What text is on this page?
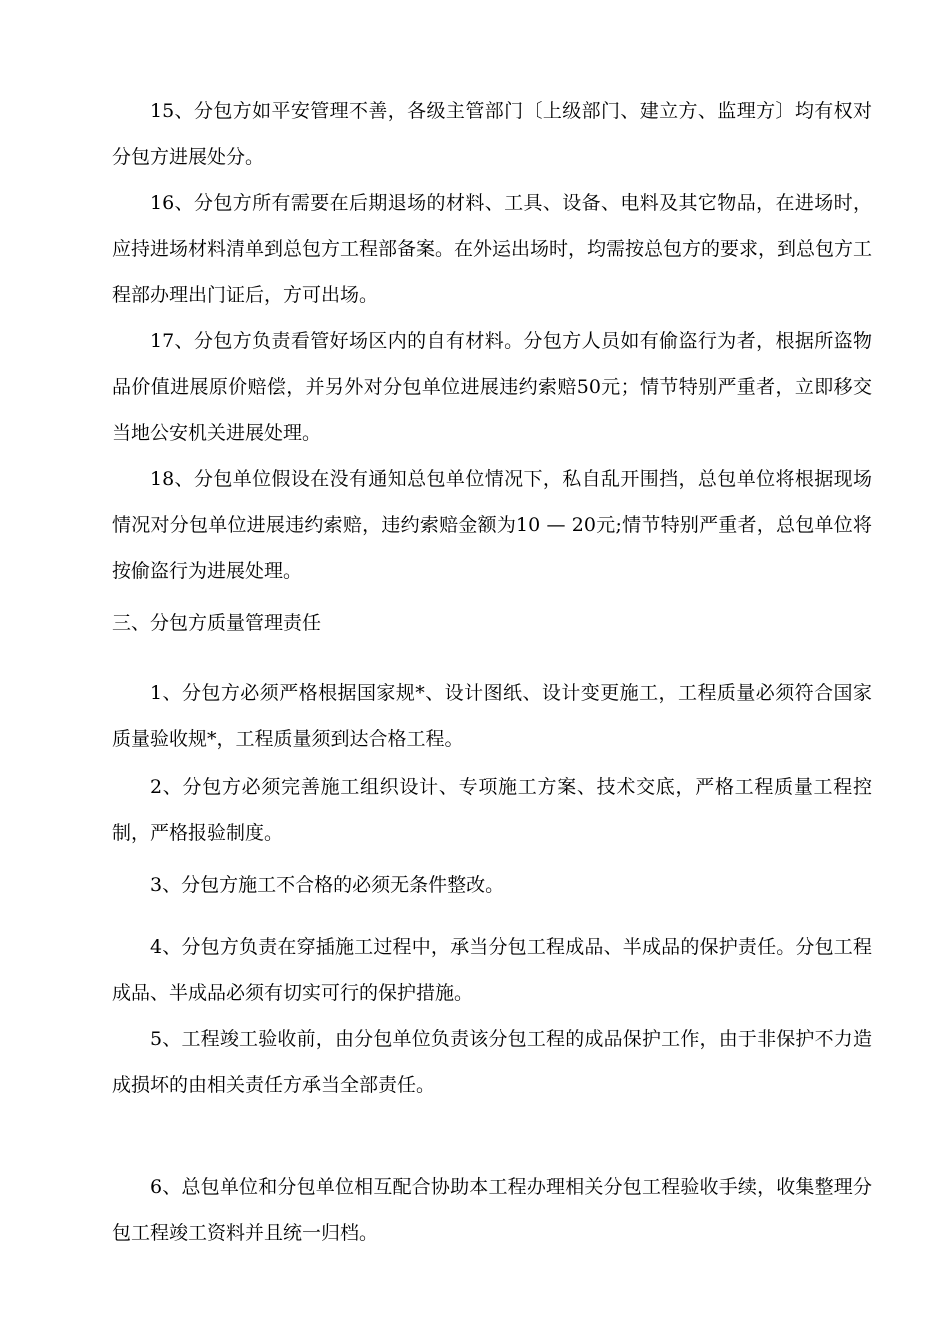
15、分包方如平安管理不善，各级主管部门〔上级部门、建立方、监理方〕均有权对分包方进展处分。

16、分包方所有需要在后期退场的材料、工具、设备、电料及其它物品，在进场时，应持进场材料清单到总包方工程部备案。在外运出场时，均需按总包方的要求，到总包方工程部办理出门证后，方可出场。

17、分包方负责看管好场区内的自有材料。分包方人员如有偷盗行为者，根据所盗物品价值进展原价赔偿，并另外对分包单位进展违约索赔50元；情节特别严重者，立即移交当地公安机关进展处理。

18、分包单位假设在没有通知总包单位情况下，私自乱开围挡，总包单位将根据现场情况对分包单位进展违约索赔，违约索赔金额为10 — 20元;情节特别严重者，总包单位将按偷盗行为进展处理。

三、分包方质量管理责任

1、分包方必须严格根据国家规*、设计图纸、设计变更施工，工程质量必须符合国家质量验收规*，工程质量须到达合格工程。

2、分包方必须完善施工组织设计、专项施工方案、技术交底，严格工程质量工程控制，严格报验制度。

3、分包方施工不合格的必须无条件整改。

4、分包方负责在穿插施工过程中，承当分包工程成品、半成品的保护责任。分包工程成品、半成品必须有切实可行的保护措施。

5、工程竣工验收前，由分包单位负责该分包工程的成品保护工作，由于非保护不力造成损坏的由相关责任方承当全部责任。

6、总包单位和分包单位相互配合协助本工程办理相关分包工程验收手续，收集整理分包工程竣工资料并且统一归档。
